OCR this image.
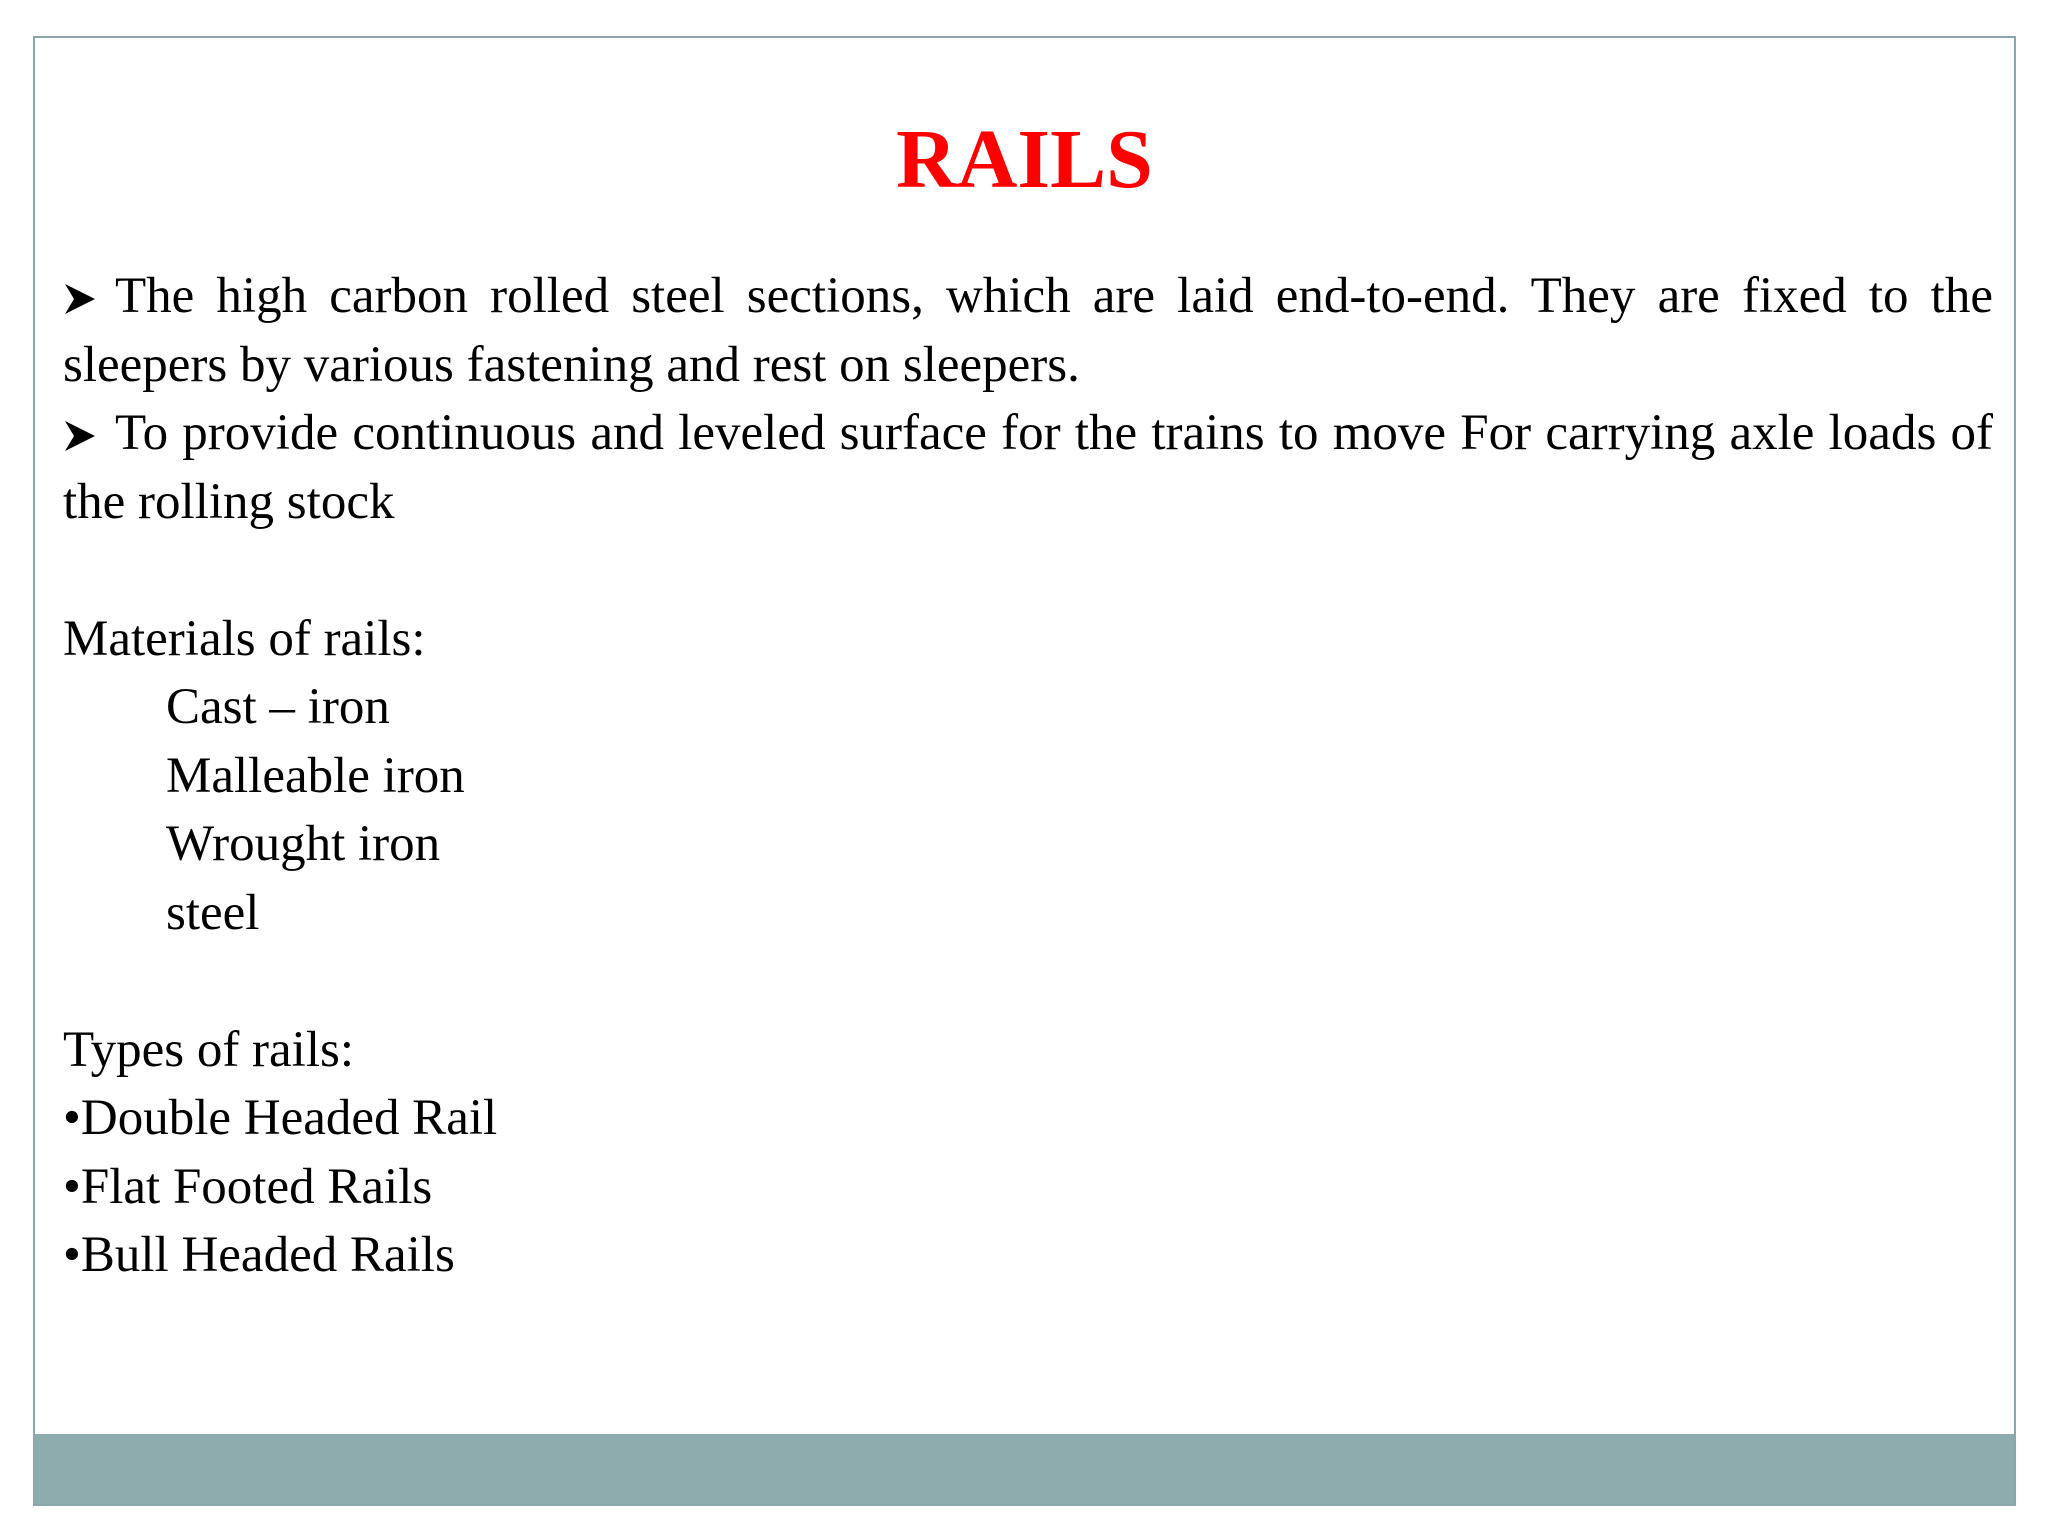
RAILS

The high carbon rolled steel sections, which are laid end-to-end. They are fixed to the sleepers by various fastening and rest on sleepers.

To provide continuous and leveled surface for the trains to move For carrying axle loads of the rolling stock

Materials of rails:

Cast – iron
Malleable iron
Wrought iron
steel

Types of rails:

•Double Headed Rail
•Flat Footed Rails
•Bull Headed Rails
